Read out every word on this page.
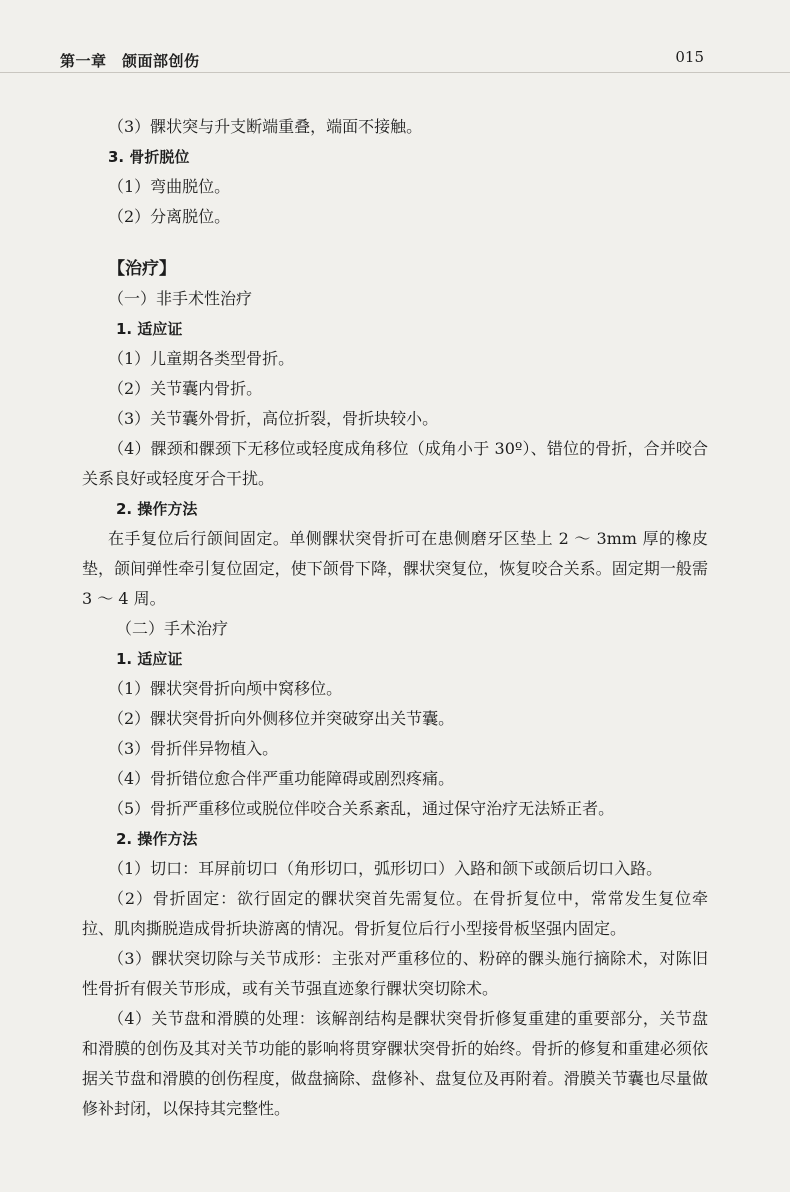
第一章　颌面部创伤	015

（3）髁状突与升支断端重叠，端面不接触。

3. 骨折脱位

（1）弯曲脱位。

（2）分离脱位。

【治疗】

（一）非手术性治疗

1. 适应证

（1）儿童期各类型骨折。

（2）关节囊内骨折。

（3）关节囊外骨折，高位折裂，骨折块较小。

（4）髁颈和髁颈下无移位或轻度成角移位（成角小于 30º）、错位的骨折，合并咬合关系良好或轻度牙合干扰。

2. 操作方法

在手复位后行颌间固定。单侧髁状突骨折可在患侧磨牙区垫上 2 ～ 3mm 厚的橡皮垫，颌间弹性牵引复位固定，使下颌骨下降，髁状突复位，恢复咬合关系。固定期一般需 3 ～ 4 周。

（二）手术治疗

1. 适应证

（1）髁状突骨折向颅中窝移位。

（2）髁状突骨折向外侧移位并突破穿出关节囊。

（3）骨折伴异物植入。

（4）骨折错位愈合伴严重功能障碍或剧烈疼痛。

（5）骨折严重移位或脱位伴咬合关系紊乱，通过保守治疗无法矫正者。

2. 操作方法

（1）切口：耳屏前切口（角形切口，弧形切口）入路和颌下或颌后切口入路。

（2）骨折固定：欲行固定的髁状突首先需复位。在骨折复位中，常常发生复位牵拉、肌肉撕脱造成骨折块游离的情况。骨折复位后行小型接骨板坚强内固定。

（3）髁状突切除与关节成形：主张对严重移位的、粉碎的髁头施行摘除术，对陈旧性骨折有假关节形成，或有关节强直迹象行髁状突切除术。

（4）关节盘和滑膜的处理：该解剖结构是髁状突骨折修复重建的重要部分，关节盘和滑膜的创伤及其对关节功能的影响将贯穿髁状突骨折的始终。骨折的修复和重建必须依据关节盘和滑膜的创伤程度，做盘摘除、盘修补、盘复位及再附着。滑膜关节囊也尽量做修补封闭，以保持其完整性。
